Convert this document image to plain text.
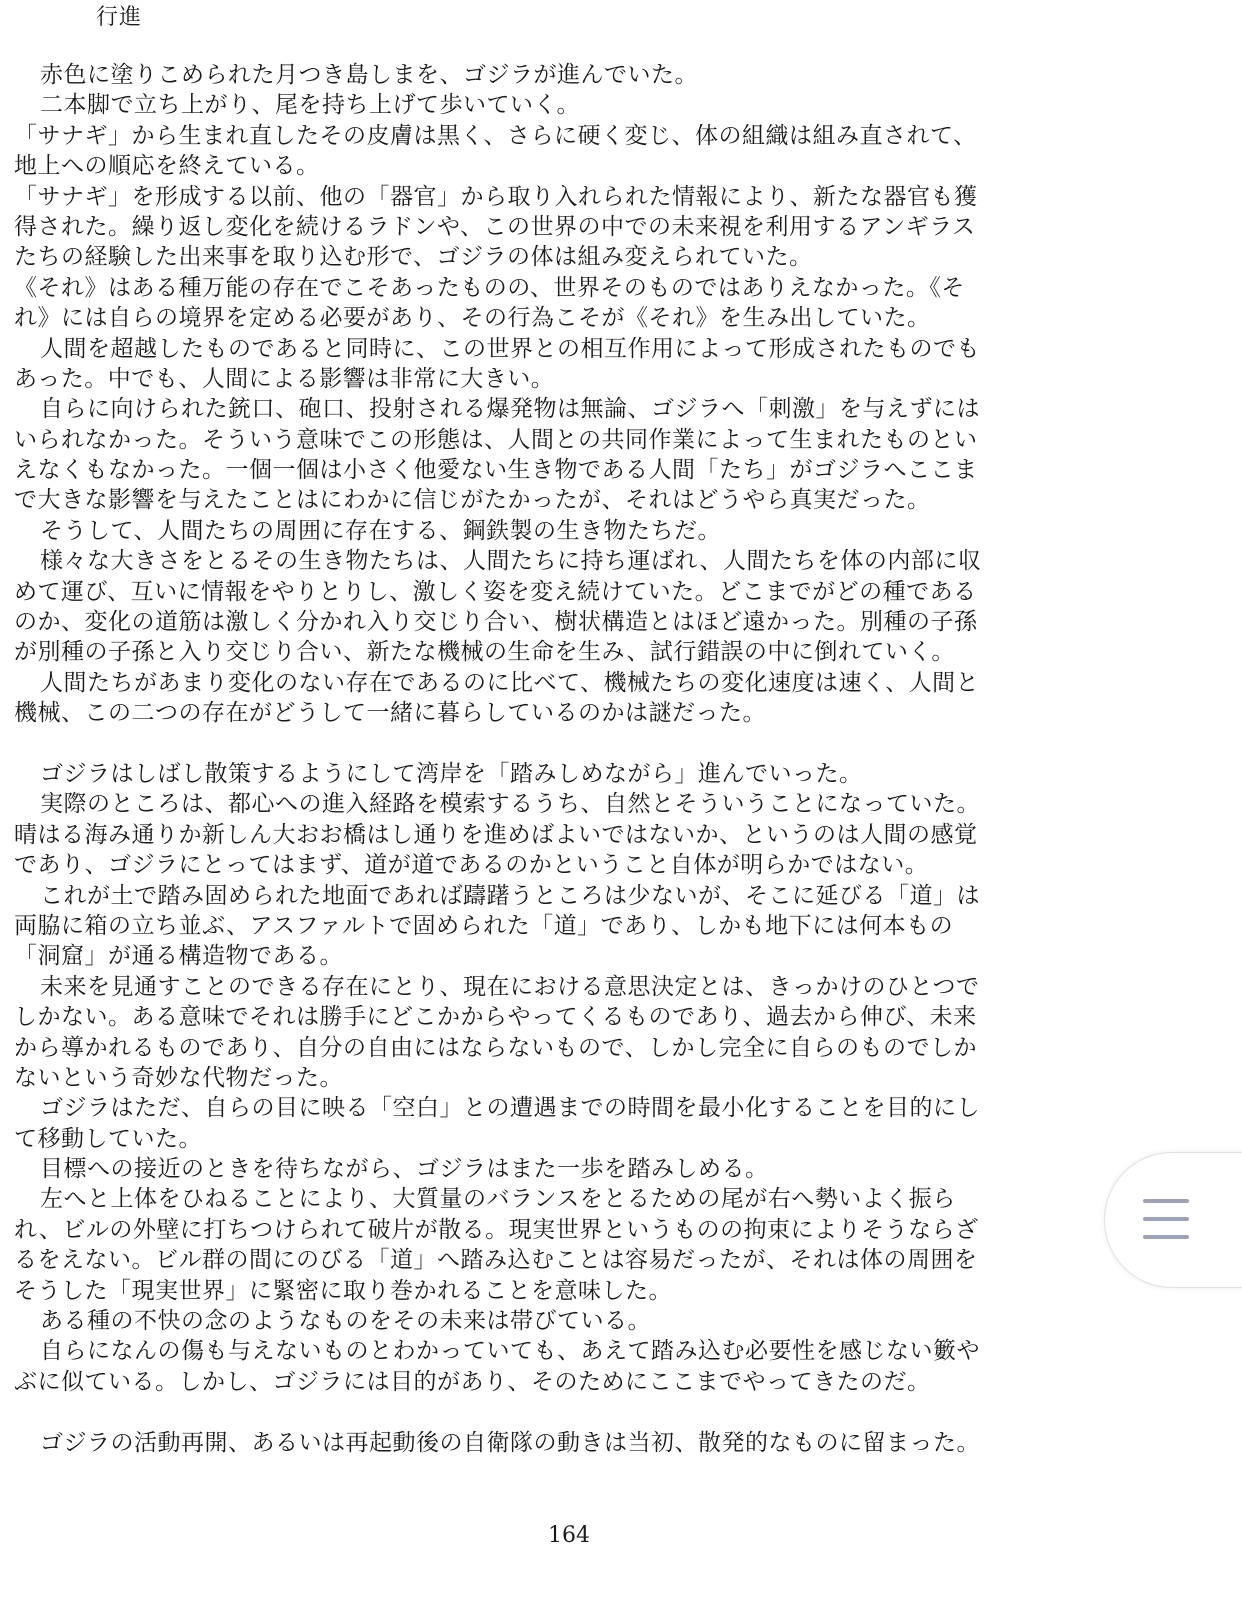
行進
赤色に塗りこめられた月つき島しまを、ゴジラが進んでいた。
二本脚で立ち上がり、尾を持ち上げて歩いていく。
「サナギ」から生まれ直したその皮膚は黒く、さらに硬く変じ、体の組織は組み直されて、
地上への順応を終えている。
「サナギ」を形成する以前、他の「器官」から取り入れられた情報により、新たな器官も獲
得された。繰り返し変化を続けるラドンや、この世界の中での未来視を利用するアンギラス
たちの経験した出来事を取り込む形で、ゴジラの体は組み変えられていた。
《それ》はある種万能の存在でこそあったものの、世界そのものではありえなかった。《そ
れ》には自らの境界を定める必要があり、その行為こそが《それ》を生み出していた。
人間を超越したものであると同時に、この世界との相互作用によって形成されたものでも
あった。中でも、人間による影響は非常に大きい。
自らに向けられた銃口、砲口、投射される爆発物は無論、ゴジラへ「刺激」を与えずには
いられなかった。そういう意味でこの形態は、人間との共同作業によって生まれたものとい
えなくもなかった。一個一個は小さく他愛ない生き物である人間「たち」がゴジラへここま
で大きな影響を与えたことはにわかに信じがたかったが、それはどうやら真実だった。
そうして、人間たちの周囲に存在する、鋼鉄製の生き物たちだ。
様々な大きさをとるその生き物たちは、人間たちに持ち運ばれ、人間たちを体の内部に収
めて運び、互いに情報をやりとりし、激しく姿を変え続けていた。どこまでがどの種である
のか、変化の道筋は激しく分かれ入り交じり合い、樹状構造とはほど遠かった。別種の子孫
が別種の子孫と入り交じり合い、新たな機械の生命を生み、試行錯誤の中に倒れていく。
人間たちがあまり変化のない存在であるのに比べて、機械たちの変化速度は速く、人間と
機械、この二つの存在がどうして一緒に暮らしているのかは謎だった。
ゴジラはしばし散策するようにして湾岸を「踏みしめながら」進んでいった。
実際のところは、都心への進入経路を模索するうち、自然とそういうことになっていた。
晴はる海み通りか新しん大おお橋はし通りを進めばよいではないか、というのは人間の感覚
であり、ゴジラにとってはまず、道が道であるのかということ自体が明らかではない。
これが土で踏み固められた地面であれば躊躇うところは少ないが、そこに延びる「道」は
両脇に箱の立ち並ぶ、アスファルトで固められた「道」であり、しかも地下には何本もの
「洞窟」が通る構造物である。
未来を見通すことのできる存在にとり、現在における意思決定とは、きっかけのひとつで
しかない。ある意味でそれは勝手にどこかからやってくるものであり、過去から伸び、未来
から導かれるものであり、自分の自由にはならないもので、しかし完全に自らのものでしか
ないという奇妙な代物だった。
ゴジラはただ、自らの目に映る「空白」との遭遇までの時間を最小化することを目的にし
て移動していた。
目標への接近のときを待ちながら、ゴジラはまた一歩を踏みしめる。
左へと上体をひねることにより、大質量のバランスをとるための尾が右へ勢いよく振ら
れ、ビルの外壁に打ちつけられて破片が散る。現実世界というものの拘束によりそうならざ
るをえない。ビル群の間にのびる「道」へ踏み込むことは容易だったが、それは体の周囲を
そうした「現実世界」に緊密に取り巻かれることを意味した。
ある種の不快の念のようなものをその未来は帯びている。
自らになんの傷も与えないものとわかっていても、あえて踏み込む必要性を感じない籔や
ぶに似ている。しかし、ゴジラには目的があり、そのためにここまでやってきたのだ。
ゴジラの活動再開、あるいは再起動後の自衛隊の動きは当初、散発的なものに留まった。
164
